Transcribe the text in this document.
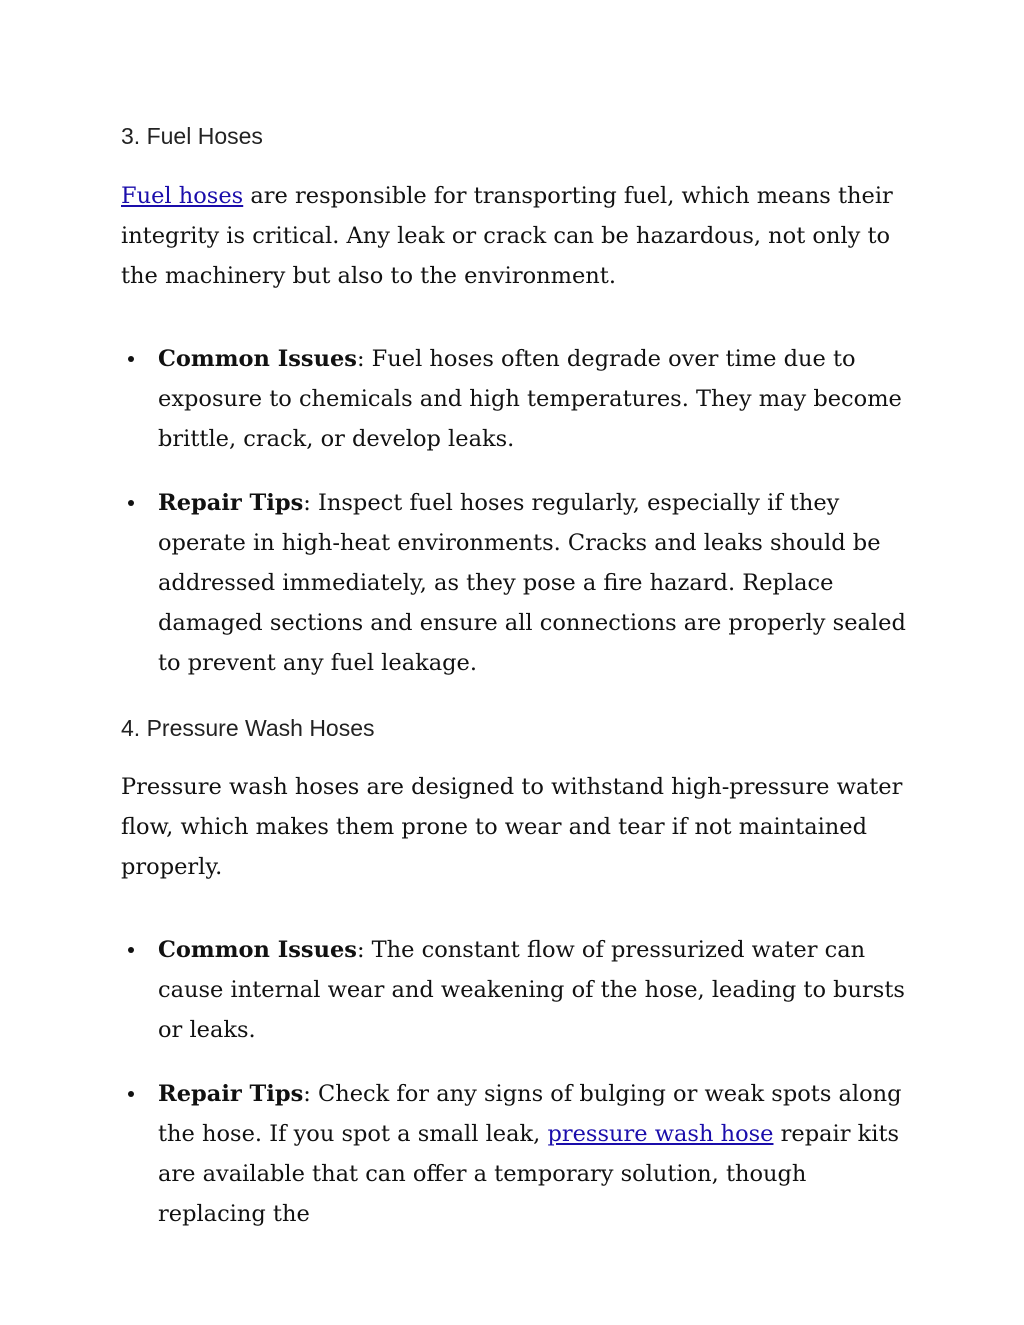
3. Fuel Hoses

Fuel hoses are responsible for transporting fuel, which means their integrity is critical. Any leak or crack can be hazardous, not only to the machinery but also to the environment.

Common Issues: Fuel hoses often degrade over time due to exposure to chemicals and high temperatures. They may become brittle, crack, or develop leaks.
Repair Tips: Inspect fuel hoses regularly, especially if they operate in high-heat environments. Cracks and leaks should be addressed immediately, as they pose a fire hazard. Replace damaged sections and ensure all connections are properly sealed to prevent any fuel leakage.
4. Pressure Wash Hoses

Pressure wash hoses are designed to withstand high-pressure water flow, which makes them prone to wear and tear if not maintained properly.

Common Issues: The constant flow of pressurized water can cause internal wear and weakening of the hose, leading to bursts or leaks.
Repair Tips: Check for any signs of bulging or weak spots along the hose. If you spot a small leak, pressure wash hose repair kits are available that can offer a temporary solution, though replacing the
